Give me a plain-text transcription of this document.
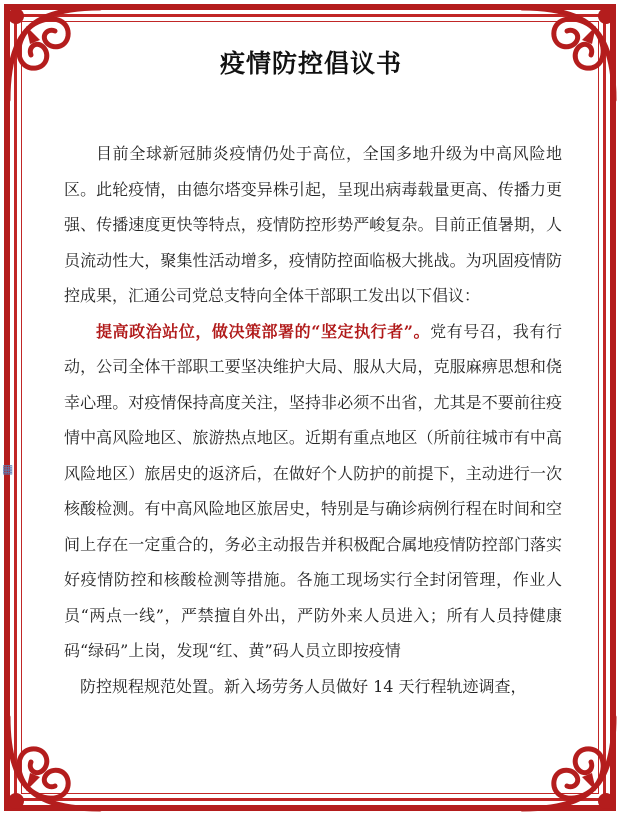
疫情防控倡议书

目前全球新冠肺炎疫情仍处于高位，全国多地升级为中高风险地区。此轮疫情，由德尔塔变异株引起，呈现出病毒载量更高、传播力更强、传播速度更快等特点，疫情防控形势严峻复杂。目前正值暑期，人员流动性大，聚集性活动增多，疫情防控面临极大挑战。为巩固疫情防控成果，汇通公司党总支特向全体干部职工发出以下倡议：

提高政治站位，做决策部署的“坚定执行者”。党有号召，我有行动，公司全体干部职工要坚决维护大局、服从大局，克服麻痹思想和侥幸心理。对疫情保持高度关注，坚持非必须不出省，尤其是不要前往疫情中高风险地区、旅游热点地区。近期有重点地区（所前往城市有中高风险地区）旅居史的返济后，在做好个人防护的前提下，主动进行一次核酸检测。有中高风险地区旅居史，特别是与确诊病例行程在时间和空间上存在一定重合的，务必主动报告并积极配合属地疫情防控部门落实好疫情防控和核酸检测等措施。各施工现场实行全封闭管理，作业人员“两点一线”，严禁擅自外出，严防外来人员进入；所有人员持健康码“绿码”上岗，发现“红、黄”码人员立即按疫情

防控规程规范处置。新入场劳务人员做好 14 天行程轨迹调查，

▦
